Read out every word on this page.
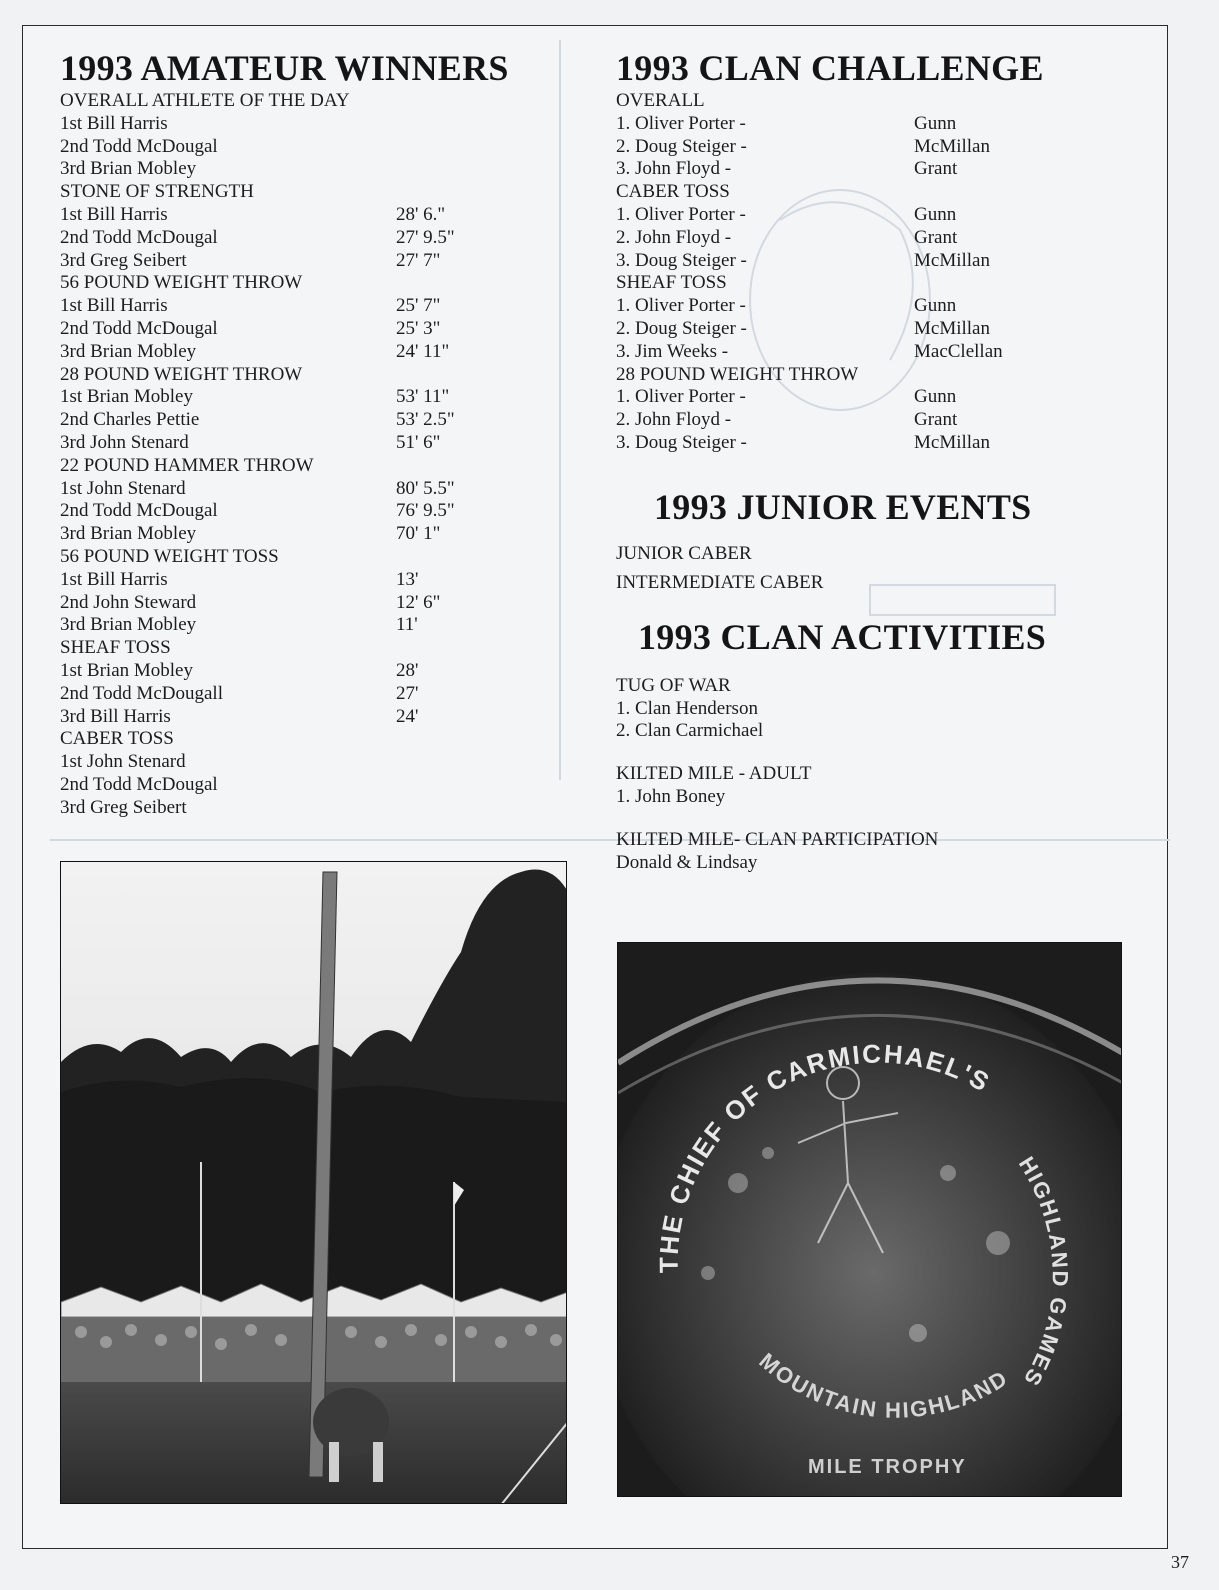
1993 AMATEUR WINNERS
OVERALL ATHLETE OF THE DAY
1st Bill Harris
2nd Todd McDougal
3rd Brian Mobley
STONE OF STRENGTH
1st Bill Harris	28' 6."
2nd Todd McDougal	27' 9.5"
3rd Greg Seibert	27' 7"
56 POUND WEIGHT THROW
1st Bill Harris	25' 7"
2nd Todd McDougal	25' 3"
3rd Brian Mobley	24' 11"
28 POUND WEIGHT THROW
1st Brian Mobley	53' 11"
2nd Charles Pettie	53' 2.5"
3rd John Stenard	51' 6"
22 POUND HAMMER THROW
1st John Stenard	80' 5.5"
2nd Todd McDougal	76' 9.5"
3rd Brian Mobley	70' 1"
56 POUND WEIGHT TOSS
1st Bill Harris	13'
2nd John Steward	12' 6"
3rd Brian Mobley	11'
SHEAF TOSS
1st Brian Mobley	28'
2nd Todd McDougall	27'
3rd Bill Harris	24'
CABER TOSS
1st John Stenard
2nd Todd McDougal
3rd Greg Seibert
1993 CLAN CHALLENGE
OVERALL
1. Oliver Porter -	Gunn
2. Doug Steiger -	McMillan
3. John Floyd -	Grant
CABER TOSS
1. Oliver Porter -	Gunn
2. John Floyd -	Grant
3. Doug Steiger -	McMillan
SHEAF TOSS
1. Oliver Porter -	Gunn
2. Doug Steiger -	McMillan
3. Jim Weeks -	MacClellan
28 POUND WEIGHT THROW
1. Oliver Porter -	Gunn
2. John Floyd -	Grant
3. Doug Steiger -	McMillan
1993 JUNIOR EVENTS
JUNIOR CABER
INTERMEDIATE CABER
1993 CLAN ACTIVITIES
TUG OF WAR
1. Clan Henderson
2. Clan Carmichael
KILTED MILE - ADULT
1. John Boney
KILTED MILE- CLAN PARTICIPATION
Donald & Lindsay
THE CHIEF OF CARMICHAEL'S
HIGHLAND GAMES
MOUNTAIN HIGHLAND
MILE TROPHY
37
